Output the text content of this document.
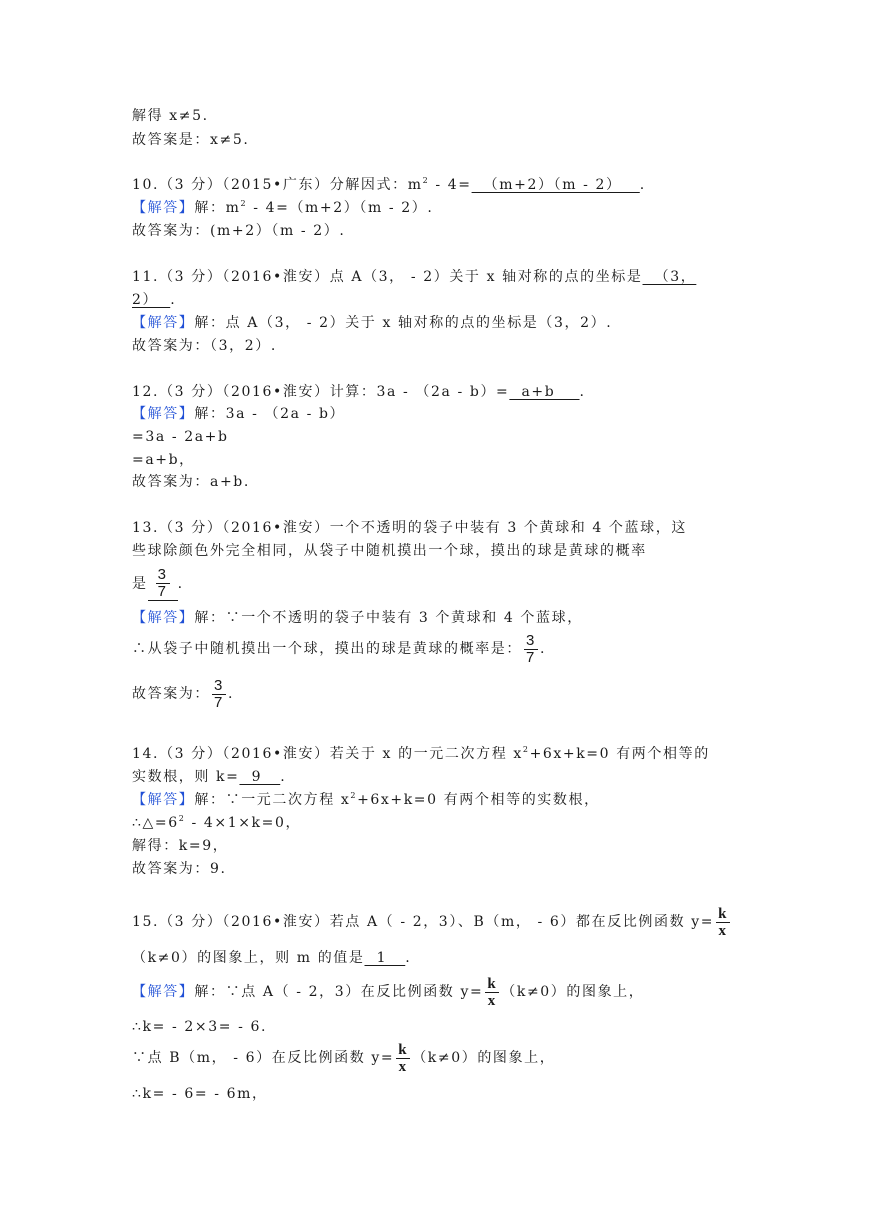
解得 x≠5.
故答案是：x≠5.
10.（3 分）（2015•广东）分解因式：$m^2 - 4= (m+2)(m - 2)$   .
【解答】解：$m^2 - 4=(m+2)(m - 2)$.
故答案为：(m+2）（m - 2）.
11.（3 分）（2016•淮安）点 A（3， - 2）关于 x 轴对称的点的坐标是  （3，
2）  .
【解答】解：点 A（3， - 2）关于 x 轴对称的点的坐标是（3，2）.
故答案为：（3，2）.
12.（3 分）（2016•淮安）计算：3a - （2a - b）=  a+b    .
【解答】解：3a - （2a - b）
=3a - 2a+b
=a+b，
故答案为：a+b.
13.（3 分）（2016•淮安）一个不透明的袋子中装有 3 个黄球和 4 个蓝球，这
些球除颜色外完全相同，从袋子中随机摸出一个球，摸出的球是黄球的概率
是 $\frac{3}{7}$ .
【解答】解：∵一个不透明的袋子中装有 3 个黄球和 4 个蓝球，
∴从袋子中随机摸出一个球，摸出的球是黄球的概率是： $\frac{3}{7}$ .
故答案为： $\frac{3}{7}$ .
14.（3 分）（2016•淮安）若关于 x 的一元二次方程 $x^2+6x+k=0$ 有两个相等的
实数根，则 k=  9   .
【解答】解：∵一元二次方程 $x^2+6x+k=0$ 有两个相等的实数根，
$\therefore\triangle=6^2 - 4\times 1\times k=0$，
解得：k=9，
故答案为：9.
15.（3 分）（2016•淮安）若点 A（ - 2，3）、B（m， - 6）都在反比例函数 $y= \frac{k}{x}$
（k≠0）的图象上，则 m 的值是  1   .
【解答】解：∵点 A（ - 2，3）在反比例函数 $y= \frac{k}{x} (k\ne 0)$的图象上，
∴k= - 2×3= - 6.
∵点 B（m， - 6）在反比例函数 $y= \frac{k}{x} (k\ne 0)$的图象上，
∴k= - 6= - 6m，
